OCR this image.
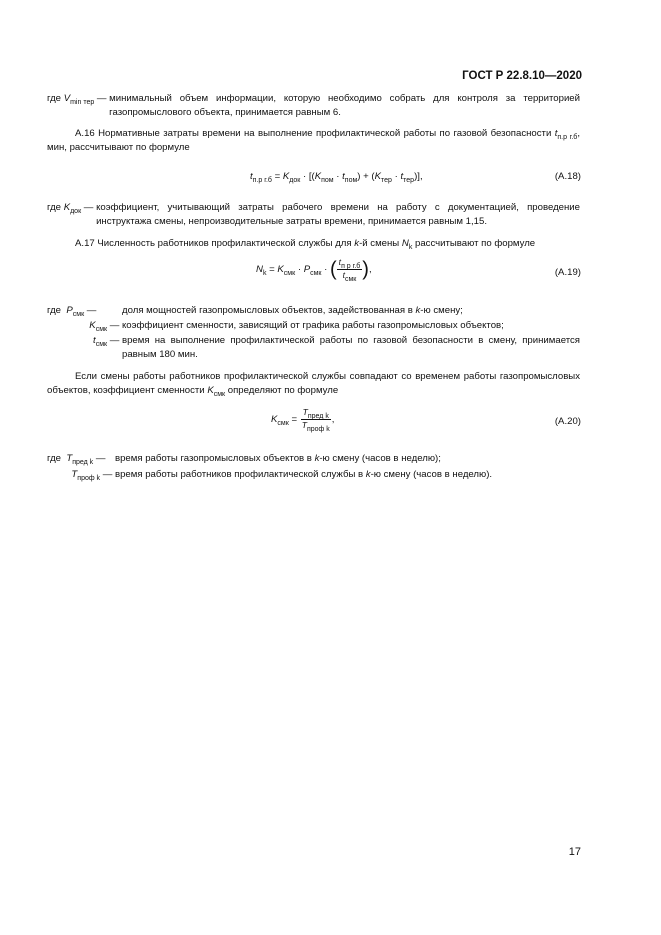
ГОСТ Р 22.8.10—2020
17
где $V_{min тер}$ — минимальный объем информации, которую необходимо собрать для контроля за территорией газопромыслового объекта, принимается равным 6.
А.16 Нормативные затраты времени на выполнение профилактической работы по газовой безопасности $t_{п.р г.б}$, мин, рассчитывают по формуле
$t_{п.р г.б} = K_{док} \cdot [(K_{пом} \cdot t_{пом}) + (K_{тер} \cdot t_{тер})]$,	(А.18)
где $K_{док}$ — коэффициент, учитывающий затраты рабочего времени на работу с документацией, проведение инструктажа смены, непроизводительные затраты времени, принимается равным 1,15.
А.17 Численность работников профилактической службы для k-й смены $N_k$ рассчитывают по формуле
$N_k = K_{смк} \cdot P_{смк}$ · ( $\frac{t_{п р г.б}}{t_{смк}}$ ),	(А.19)
где $P_{смк}$ —	доля мощностей газопромысловых объектов, задействованная в k-ю смену;
$K_{смк}$ — коэффициент сменности, зависящий от графика работы газопромысловых объектов;
$t_{смк}$ — время на выполнение профилактической работы по газовой безопасности в смену, принимается равным 180 мин.
Если смены работы работников профилактической службы совпадают со временем работы газопромысловых объектов, коэффициент сменности $K_{смк}$ определяют по формуле
$K_{смк} = \frac{T_{пред k}}{T_{проф k}}$ ,	(А.20)
где $T_{пред k}$ — время работы газопромысловых объектов в k-ю смену (часов в неделю);
$T_{проф k}$ — время работы работников профилактической службы в k-ю смену (часов в неделю).
